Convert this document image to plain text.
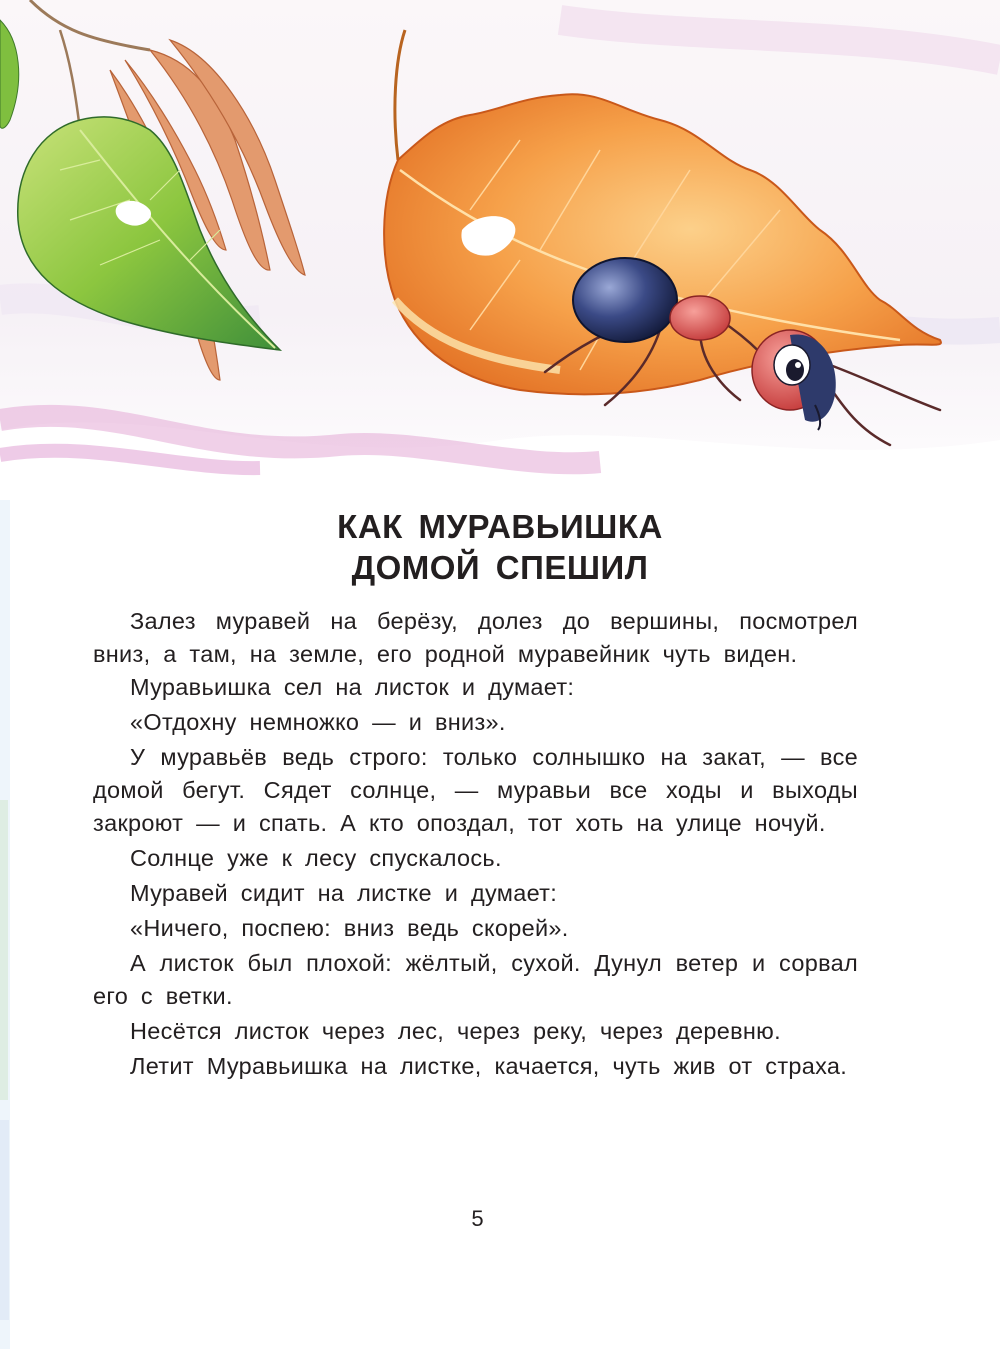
КАК МУРАВЬИШКА
ДОМОЙ СПЕШИЛ

Залез муравей на берёзу, долез до вершины, посмотрел вниз, а там, на земле, его родной муравейник чуть виден.

Муравьишка сел на листок и думает:

«Отдохну немножко — и вниз».

У муравьёв ведь строго: только солнышко на закат, — все домой бегут. Сядет солнце, — муравьи все ходы и выходы закроют — и спать. А кто опоздал, тот хоть на улице ночуй.

Солнце уже к лесу спускалось.

Муравей сидит на листке и думает:

«Ничего, поспею: вниз ведь скорей».

А листок был плохой: жёлтый, сухой. Дунул ветер и сорвал его с ветки.

Несётся листок через лес, через реку, через деревню.

Летит Муравьишка на листке, качается, чуть жив от страха.

5
